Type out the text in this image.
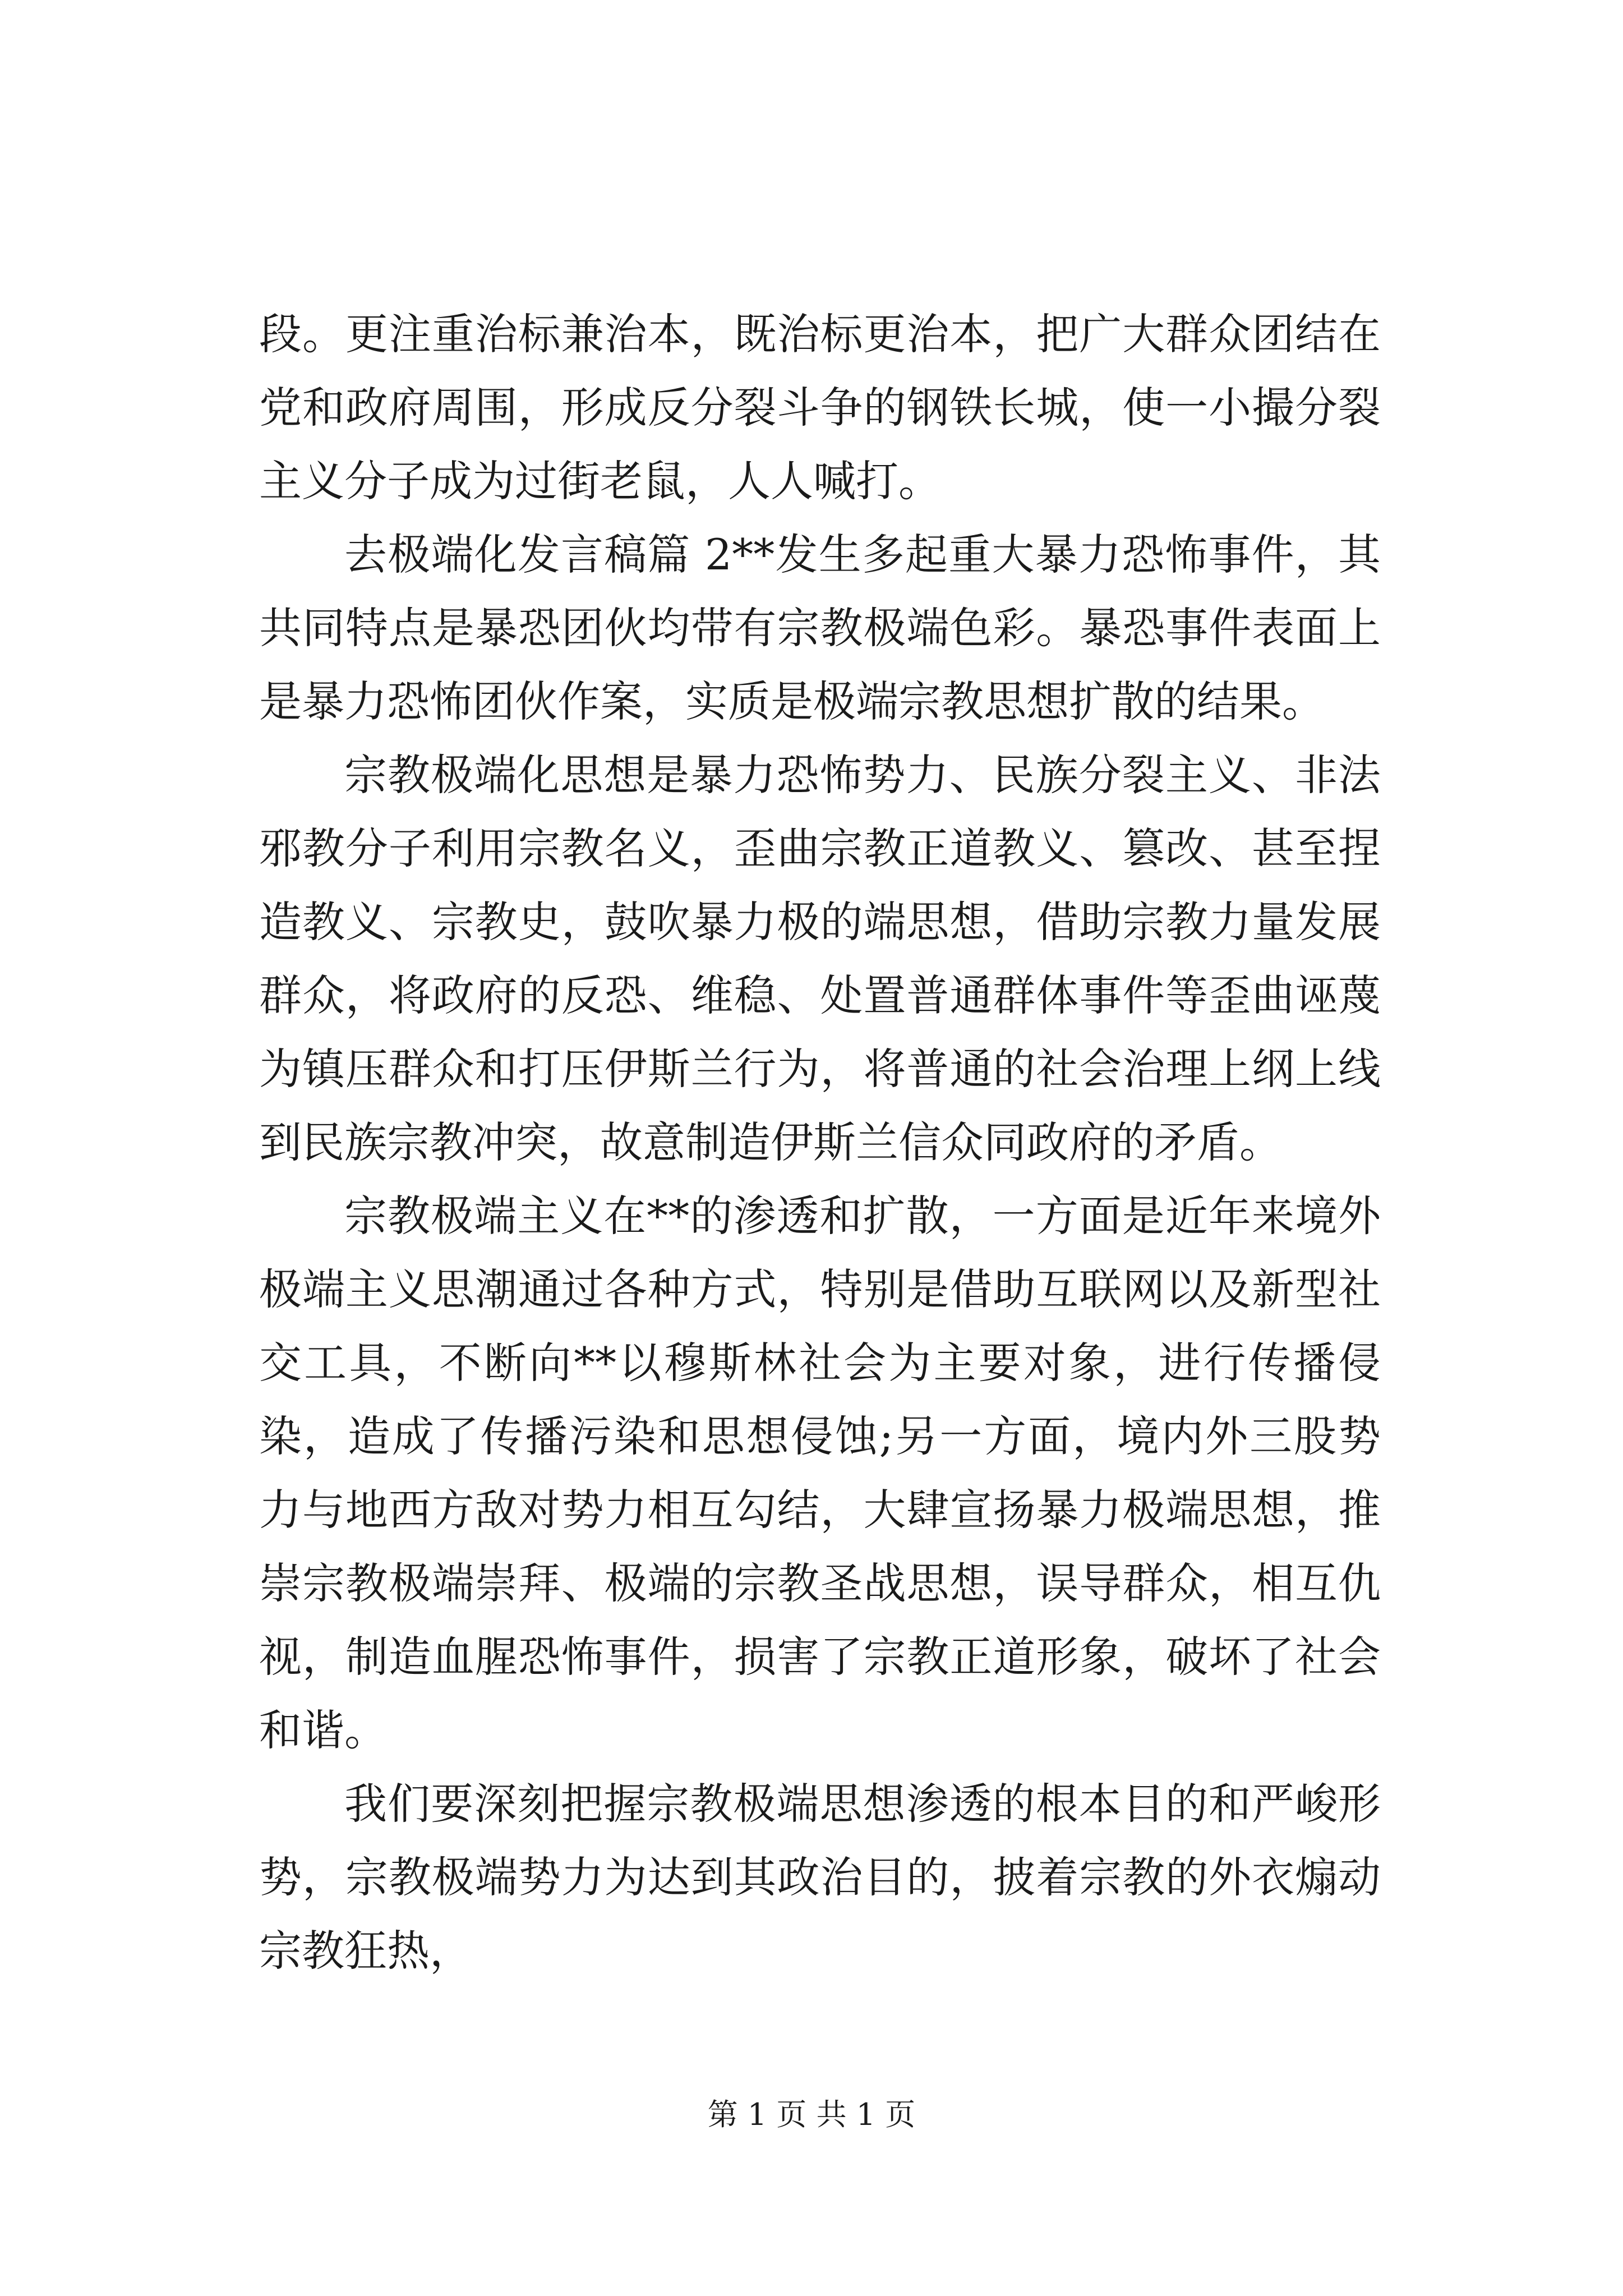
段。更注重治标兼治本，既治标更治本，把广大群众团结在党和政府周围，形成反分裂斗争的钢铁长城，使一小撮分裂主义分子成为过街老鼠，人人喊打。

去极端化发言稿篇 2**发生多起重大暴力恐怖事件，其共同特点是暴恐团伙均带有宗教极端色彩。暴恐事件表面上是暴力恐怖团伙作案，实质是极端宗教思想扩散的结果。

宗教极端化思想是暴力恐怖势力、民族分裂主义、非法邪教分子利用宗教名义，歪曲宗教正道教义、篡改、甚至捏造教义、宗教史，鼓吹暴力极的端思想，借助宗教力量发展群众，将政府的反恐、维稳、处置普通群体事件等歪曲诬蔑为镇压群众和打压伊斯兰行为，将普通的社会治理上纲上线到民族宗教冲突，故意制造伊斯兰信众同政府的矛盾。

宗教极端主义在**的渗透和扩散，一方面是近年来境外极端主义思潮通过各种方式，特别是借助互联网以及新型社交工具，不断向**以穆斯林社会为主要对象，进行传播侵染，造成了传播污染和思想侵蚀;另一方面，境内外三股势力与地西方敌对势力相互勾结，大肆宣扬暴力极端思想，推崇宗教极端崇拜、极端的宗教圣战思想，误导群众，相互仇视，制造血腥恐怖事件，损害了宗教正道形象，破坏了社会和谐。

我们要深刻把握宗教极端思想渗透的根本目的和严峻形势，宗教极端势力为达到其政治目的，披着宗教的外衣煽动宗教狂热，

第 1 页 共 1 页
